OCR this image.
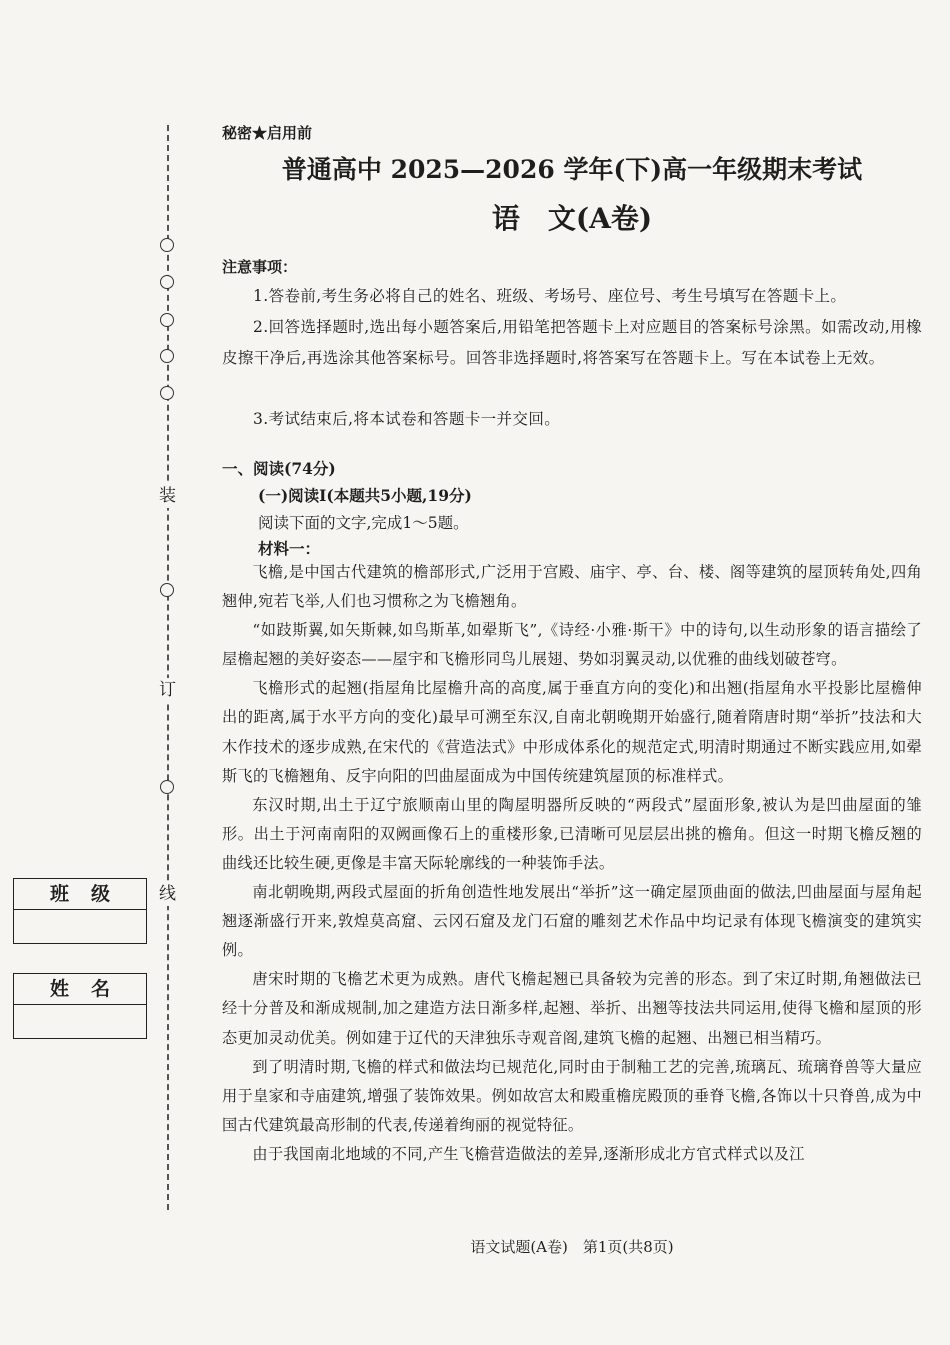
装
订
线
班级
姓名
秘密★启用前
普通高中 2025—2026 学年(下)高一年级期末考试
语　文(A卷)
注意事项：
1.答卷前,考生务必将自己的姓名、班级、考场号、座位号、考生号填写在答题卡上。
2.回答选择题时,选出每小题答案后,用铅笔把答题卡上对应题目的答案标号涂黑。如需改动,用橡皮擦干净后,再选涂其他答案标号。回答非选择题时,将答案写在答题卡上。写在本试卷上无效。
3.考试结束后,将本试卷和答题卡一并交回。
一、阅读(74分)
(一)阅读Ⅰ(本题共5小题,19分)
阅读下面的文字,完成1～5题。
材料一：

飞檐,是中国古代建筑的檐部形式,广泛用于宫殿、庙宇、亭、台、楼、阁等建筑的屋顶转角处,四角翘伸,宛若飞举,人们也习惯称之为飞檐翘角。

“如跂斯翼,如矢斯棘,如鸟斯革,如翚斯飞”,《诗经·小雅·斯干》中的诗句,以生动形象的语言描绘了屋檐起翘的美好姿态——屋宇和飞檐形同鸟儿展翅、势如羽翼灵动,以优雅的曲线划破苍穹。

飞檐形式的起翘(指屋角比屋檐升高的高度,属于垂直方向的变化)和出翘(指屋角水平投影比屋檐伸出的距离,属于水平方向的变化)最早可溯至东汉,自南北朝晚期开始盛行,随着隋唐时期“举折”技法和大木作技术的逐步成熟,在宋代的《营造法式》中形成体系化的规范定式,明清时期通过不断实践应用,如翚斯飞的飞檐翘角、反宇向阳的凹曲屋面成为中国传统建筑屋顶的标准样式。

东汉时期,出土于辽宁旅顺南山里的陶屋明器所反映的“两段式”屋面形象,被认为是凹曲屋面的雏形。出土于河南南阳的双阙画像石上的重楼形象,已清晰可见层层出挑的檐角。但这一时期飞檐反翘的曲线还比较生硬,更像是丰富天际轮廓线的一种装饰手法。

南北朝晚期,两段式屋面的折角创造性地发展出“举折”这一确定屋顶曲面的做法,凹曲屋面与屋角起翘逐渐盛行开来,敦煌莫高窟、云冈石窟及龙门石窟的雕刻艺术作品中均记录有体现飞檐演变的建筑实例。

唐宋时期的飞檐艺术更为成熟。唐代飞檐起翘已具备较为完善的形态。到了宋辽时期,角翘做法已经十分普及和渐成规制,加之建造方法日渐多样,起翘、举折、出翘等技法共同运用,使得飞檐和屋顶的形态更加灵动优美。例如建于辽代的天津独乐寺观音阁,建筑飞檐的起翘、出翘已相当精巧。

到了明清时期,飞檐的样式和做法均已规范化,同时由于制釉工艺的完善,琉璃瓦、琉璃脊兽等大量应用于皇家和寺庙建筑,增强了装饰效果。例如故宫太和殿重檐庑殿顶的垂脊飞檐,各饰以十只脊兽,成为中国古代建筑最高形制的代表,传递着绚丽的视觉特征。

由于我国南北地域的不同,产生飞檐营造做法的差异,逐渐形成北方官式样式以及江

语文试题(A卷)　第1页(共8页)
